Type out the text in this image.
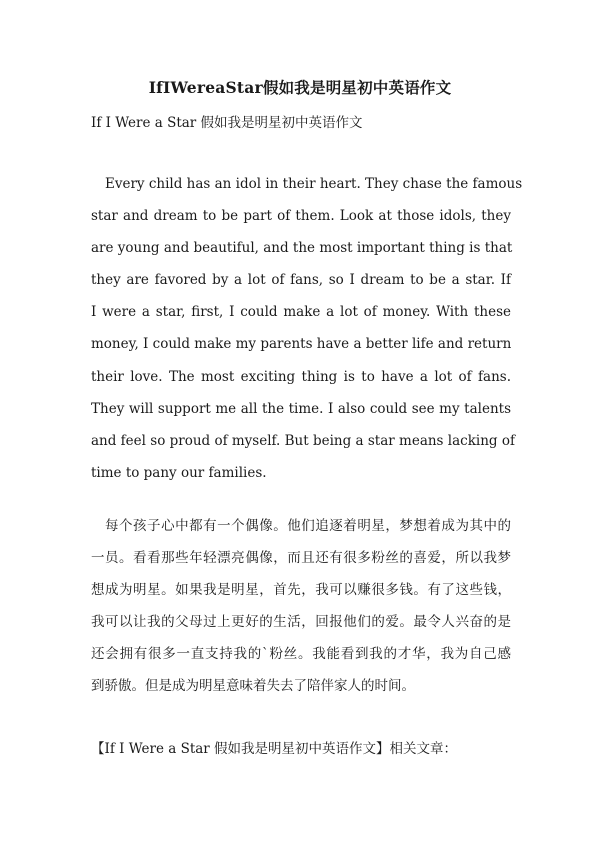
IfIWereaStar假如我是明星初中英语作文
If I Were a Star 假如我是明星初中英语作文
Every child has an idol in their heart. They chase the famous
star and dream to be part of them. Look at those idols, they
are young and beautiful, and the most important thing is that
they are favored by a lot of fans, so I dream to be a star. If
I were a star, first, I could make a lot of money. With these
money, I could make my parents have a better life and return
their love. The most exciting thing is to have a lot of fans.
They will support me all the time. I also could see my talents
and feel so proud of myself. But being a star means lacking of
time to pany our families.
每个孩子心中都有一个偶像。他们追逐着明星，梦想着成为其中的
一员。看看那些年轻漂亮偶像，而且还有很多粉丝的喜爱，所以我梦
想成为明星。如果我是明星，首先，我可以赚很多钱。有了这些钱，
我可以让我的父母过上更好的生活，回报他们的爱。最令人兴奋的是
还会拥有很多一直支持我的`粉丝。我能看到我的才华，我为自己感
到骄傲。但是成为明星意味着失去了陪伴家人的时间。
【If I Were a Star 假如我是明星初中英语作文】相关文章：
